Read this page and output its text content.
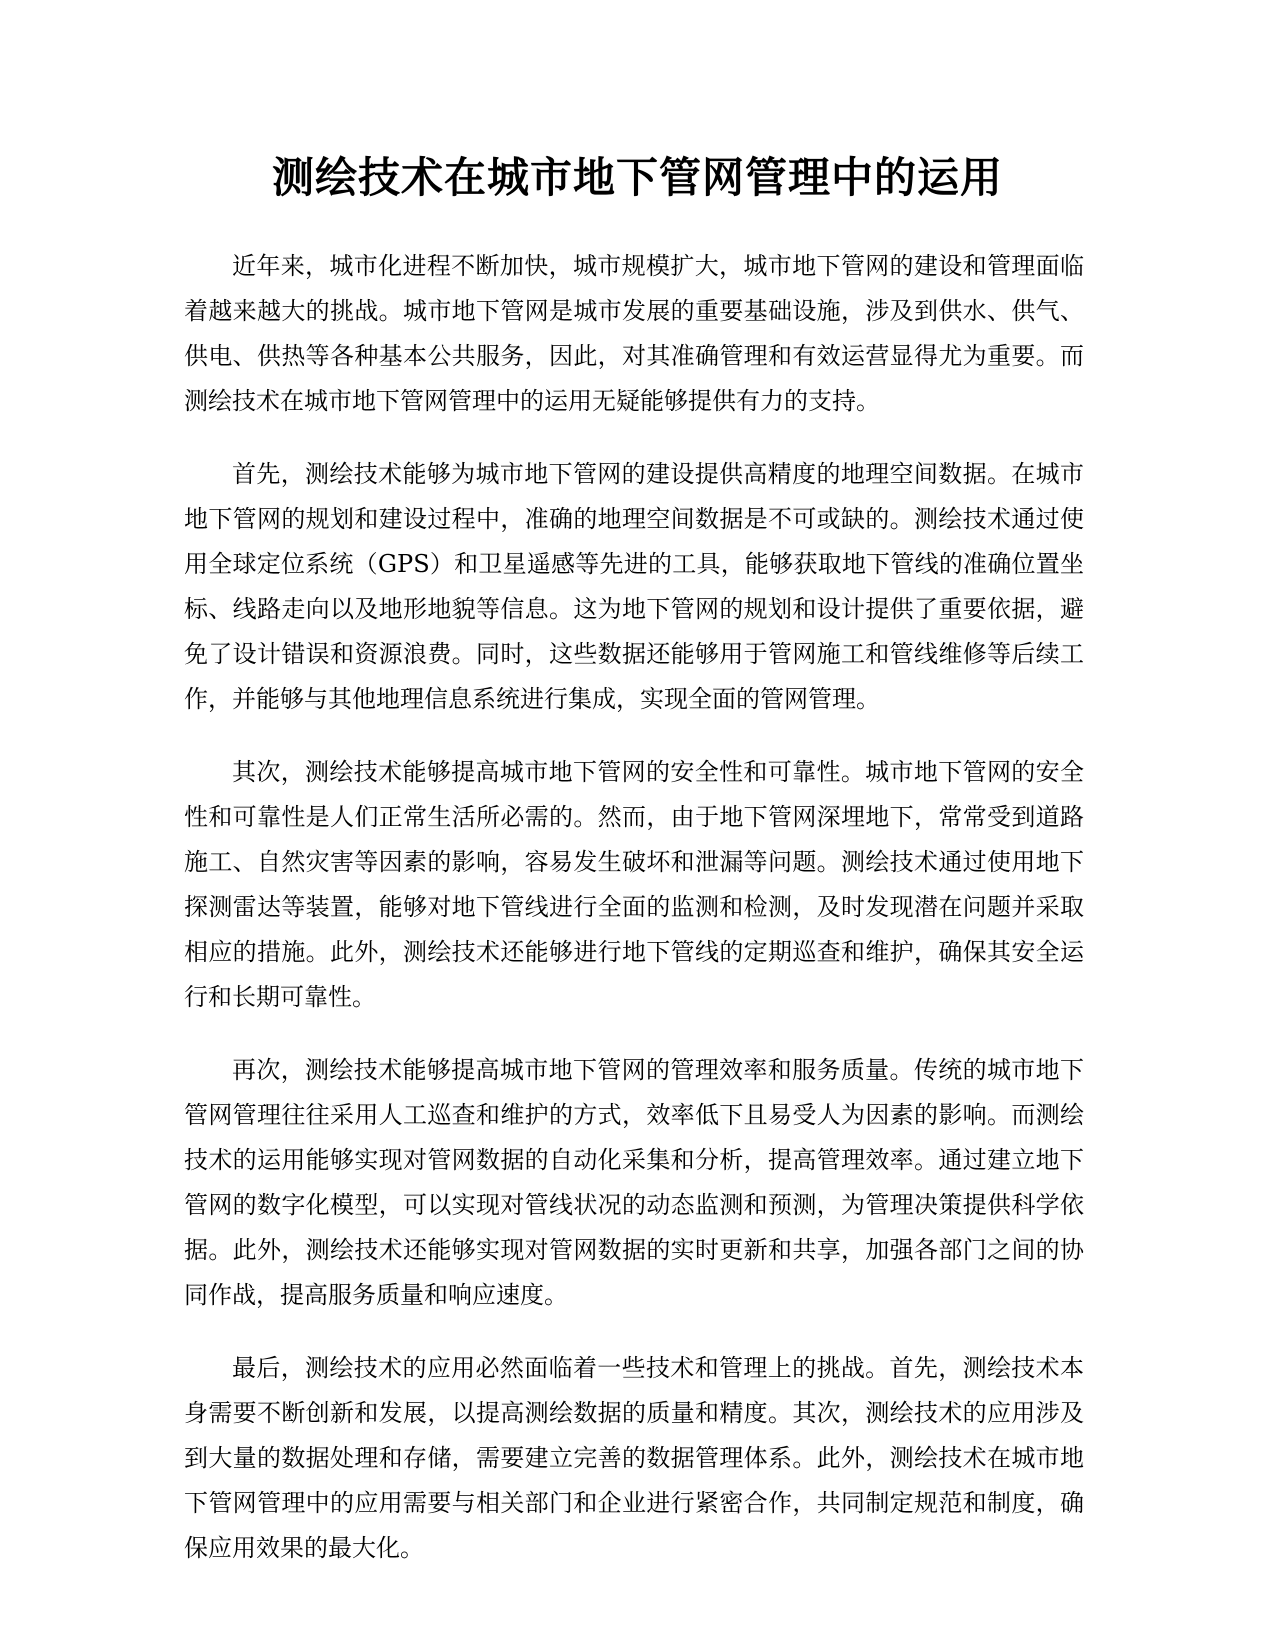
测绘技术在城市地下管网管理中的运用

近年来，城市化进程不断加快，城市规模扩大，城市地下管网的建设和管理面临着越来越大的挑战。城市地下管网是城市发展的重要基础设施，涉及到供水、供气、供电、供热等各种基本公共服务，因此，对其准确管理和有效运营显得尤为重要。而测绘技术在城市地下管网管理中的运用无疑能够提供有力的支持。

首先，测绘技术能够为城市地下管网的建设提供高精度的地理空间数据。在城市地下管网的规划和建设过程中，准确的地理空间数据是不可或缺的。测绘技术通过使用全球定位系统（GPS）和卫星遥感等先进的工具，能够获取地下管线的准确位置坐标、线路走向以及地形地貌等信息。这为地下管网的规划和设计提供了重要依据，避免了设计错误和资源浪费。同时，这些数据还能够用于管网施工和管线维修等后续工作，并能够与其他地理信息系统进行集成，实现全面的管网管理。

其次，测绘技术能够提高城市地下管网的安全性和可靠性。城市地下管网的安全性和可靠性是人们正常生活所必需的。然而，由于地下管网深埋地下，常常受到道路施工、自然灾害等因素的影响，容易发生破坏和泄漏等问题。测绘技术通过使用地下探测雷达等装置，能够对地下管线进行全面的监测和检测，及时发现潜在问题并采取相应的措施。此外，测绘技术还能够进行地下管线的定期巡查和维护，确保其安全运行和长期可靠性。

再次，测绘技术能够提高城市地下管网的管理效率和服务质量。传统的城市地下管网管理往往采用人工巡查和维护的方式，效率低下且易受人为因素的影响。而测绘技术的运用能够实现对管网数据的自动化采集和分析，提高管理效率。通过建立地下管网的数字化模型，可以实现对管线状况的动态监测和预测，为管理决策提供科学依据。此外，测绘技术还能够实现对管网数据的实时更新和共享，加强各部门之间的协同作战，提高服务质量和响应速度。

最后，测绘技术的应用必然面临着一些技术和管理上的挑战。首先，测绘技术本身需要不断创新和发展，以提高测绘数据的质量和精度。其次，测绘技术的应用涉及到大量的数据处理和存储，需要建立完善的数据管理体系。此外，测绘技术在城市地下管网管理中的应用需要与相关部门和企业进行紧密合作，共同制定规范和制度，确保应用效果的最大化。
